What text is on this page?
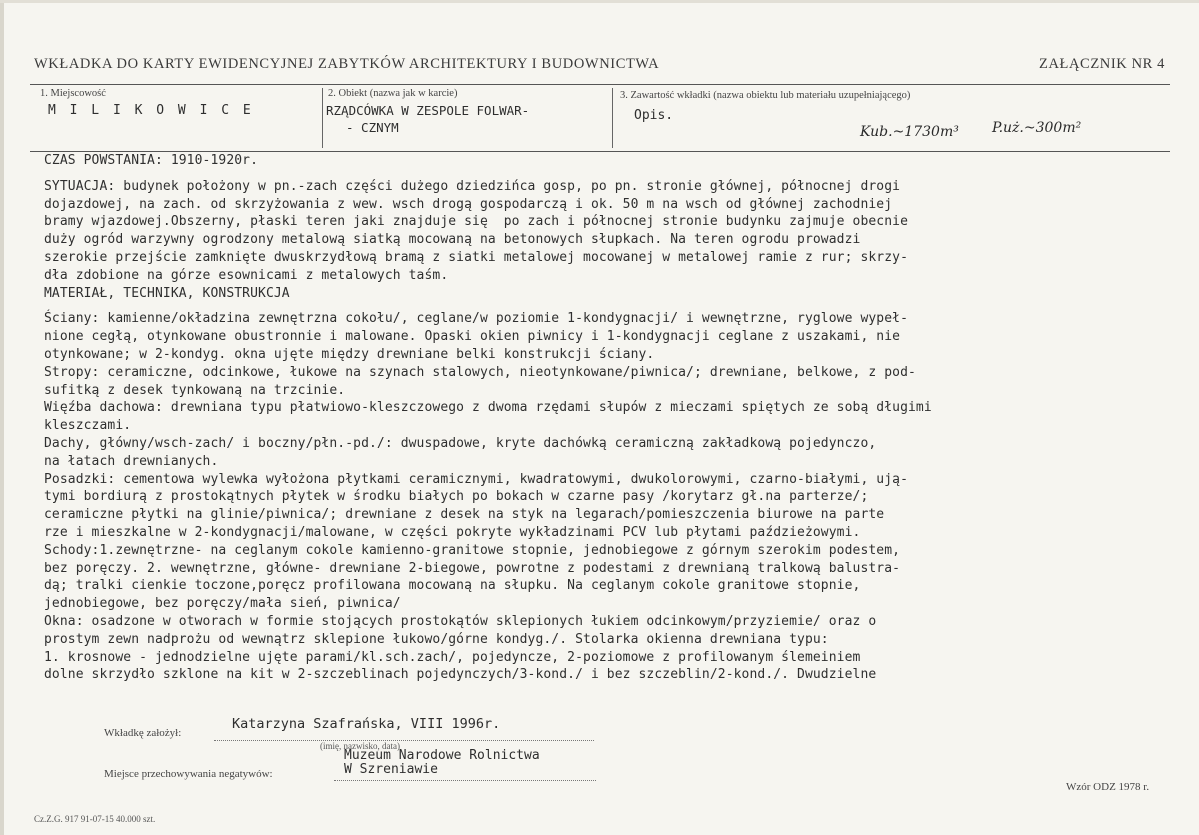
WKŁADKA DO KARTY EWIDENCYJNEJ ZABYTKÓW ARCHITEKTURY I BUDOWNICTWA	ZAŁĄCZNIK NR 4
1. Miejscowość
M I L I K O W I C E
2. Obiekt (nazwa jak w karcie)
RZĄDCÓWKA W ZESPOLE FOLWAR-
- CZNYM
3. Zawartość wkładki (nazwa obiektu lub materiału uzupełniającego)
Opis.
Kub.~1730m³ P.uż.~300m²

CZAS POWSTANIA: 1910-1920r.

SYTUACJA: budynek położony w pn.-zach części dużego dziedzińca gosp, po pn. stronie głównej, północnej drogi

dojazdowej, na zach. od skrzyżowania z wew. wsch drogą gospodarczą i ok. 50 m na wsch od głównej zachodniej

bramy wjazdowej.Obszerny, płaski teren jaki znajduje się  po zach i północnej stronie budynku zajmuje obecnie

duży ogród warzywny ogrodzony metalową siatką mocowaną na betonowych słupkach. Na teren ogrodu prowadzi

szerokie przejście zamknięte dwuskrzydłową bramą z siatki metalowej mocowanej w metalowej ramie z rur; skrzy-

dła zdobione na górze esownicami z metalowych taśm.

MATERIAŁ, TECHNIKA, KONSTRUKCJA

Ściany: kamienne/okładzina zewnętrzna cokołu/, ceglane/w poziomie 1-kondygnacji/ i wewnętrzne, ryglowe wypeł-

nione cegłą, otynkowane obustronnie i malowane. Opaski okien piwnicy i 1-kondygnacji ceglane z uszakami, nie

otynkowane; w 2-kondyg. okna ujęte między drewniane belki konstrukcji ściany.

Stropy: ceramiczne, odcinkowe, łukowe na szynach stalowych, nieotynkowane/piwnica/; drewniane, belkowe, z pod-

sufitką z desek tynkowaną na trzcinie.

Więźba dachowa: drewniana typu płatwiowo-kleszczowego z dwoma rzędami słupów z mieczami spiętych ze sobą długimi

kleszczami.

Dachy, główny/wsch-zach/ i boczny/płn.-pd./: dwuspadowe, kryte dachówką ceramiczną zakładkową pojedynczo,

na łatach drewnianych.

Posadzki: cementowa wylewka wyłożona płytkami ceramicznymi, kwadratowymi, dwukolorowymi, czarno-białymi, ują-

tymi bordiurą z prostokątnych płytek w środku białych po bokach w czarne pasy /korytarz gł.na parterze/;

ceramiczne płytki na glinie/piwnica/; drewniane z desek na styk na legarach/pomieszczenia biurowe na parte

rze i mieszkalne w 2-kondygnacji/malowane, w części pokryte wykładzinami PCV lub płytami paździeżowymi.

Schody:1.zewnętrzne- na ceglanym cokole kamienno-granitowe stopnie, jednobiegowe z górnym szerokim podestem,

bez poręczy. 2. wewnętrzne, główne- drewniane 2-biegowe, powrotne z podestami z drewnianą tralkową balustra-

dą; tralki cienkie toczone,poręcz profilowana mocowaną na słupku. Na ceglanym cokole granitowe stopnie,

jednobiegowe, bez poręczy/mała sień, piwnica/

Okna: osadzone w otworach w formie stojących prostokątów sklepionych łukiem odcinkowym/przyziemie/ oraz o

prostym zewn nadprożu od wewnątrz sklepione łukowo/górne kondyg./. Stolarka okienna drewniana typu:

1. krosnowe - jednodzielne ujęte parami/kl.sch.zach/, pojedyncze, 2-poziomowe z profilowanym ślemeiniem

dolne skrzydło szklone na kit w 2-szczeblinach pojedynczych/3-kond./ i bez szczeblin/2-kond./. Dwudzielne

Wkładkę założył:
Katarzyna Szafrańska, VIII 1996r.
(imię, nazwisko, data)
Muzeum Narodowe Rolnictwa
Miejsce przechowywania negatywów:	W Szreniawie
Cz.Z.G. 917 91-07-15 40.000 szt.
Wzór ODZ 1978 r.
